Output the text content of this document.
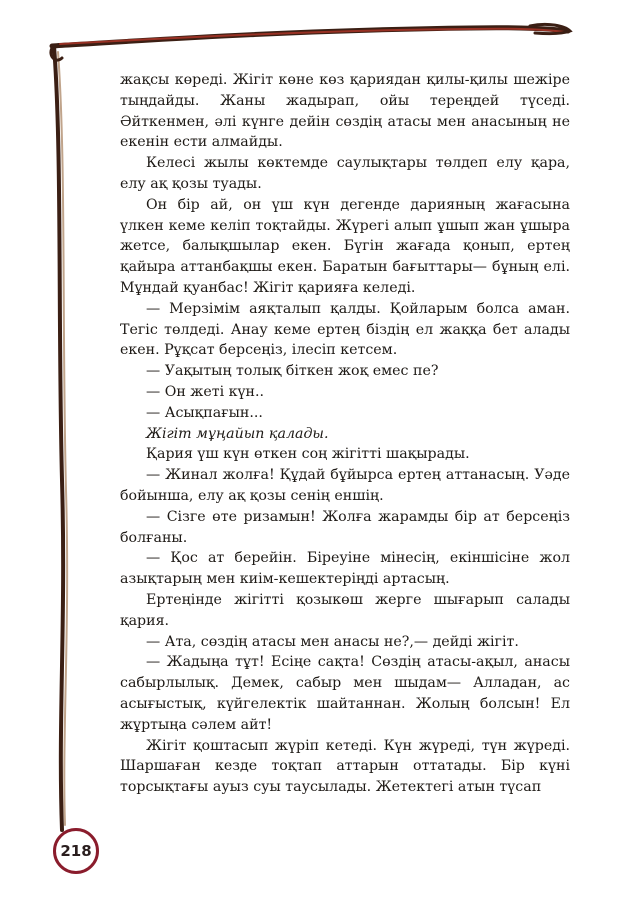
жақсы көреді. Жігіт көне көз қариядан қилы-қилы шежіре тыңдайды. Жаны жадырап, ойы тереңдей түседі. Әйткенмен, әлі күнге дейін сөздің атасы мен анасының не екенін ести алмайды.

Келесі жылы көктемде саулықтары төлдеп елу қара, елу ақ қозы туады.

Он бір ай, он үш күн дегенде дарияның жағасына үлкен кеме келіп тоқтайды. Жүрегі алып ұшып жан ұшыра жетсе, балықшылар екен. Бүгін жағада қонып, ертең қайыра аттанбақшы екен. Баратын бағыттары— бұның елі. Мұндай қуанбас! Жігіт қарияға келеді.

— Мерзімім аяқталып қалды. Қойларым болса аман. Тегіс төлдеді. Анау кеме ертең біздің ел жаққа бет алады екен. Рұқсат берсеңіз, ілесіп кетсем.

— Уақытың толық біткен жоқ емес пе?

— Он жеті күн..

— Асықпағын...

Жігіт мұңайып қалады.

Қария үш күн өткен соң жігітті шақырады.

— Жинал жолға! Құдай бұйырса ертең аттанасың. Уәде бойынша, елу ақ қозы сенің еншің.

— Сізге өте ризамын! Жолға жарамды бір ат берсеңіз болғаны.

— Қос ат берейін. Біреуіне мінесің, екіншісіне жол азықтарың мен киім-кешектеріңді артасың.

Ертеңінде жігітті қозыкөш жерге шығарып салады қария.

— Ата, сөздің атасы мен анасы не?,— дейді жігіт.

— Жадыңа тұт! Есіңе сақта! Сөздің атасы-ақыл, анасы сабырлылық. Демек, сабыр мен шыдам— Алладан, ас асығыстық, күйгелектік шайтаннан. Жолың болсын! Ел жұртыңа сәлем айт!

Жігіт қоштасып жүріп кетеді. Күн жүреді, түн жүреді. Шаршаған кезде тоқтап аттарын оттатады. Бір күні торсықтағы ауыз суы таусылады. Жетектегі атын түсап

218
